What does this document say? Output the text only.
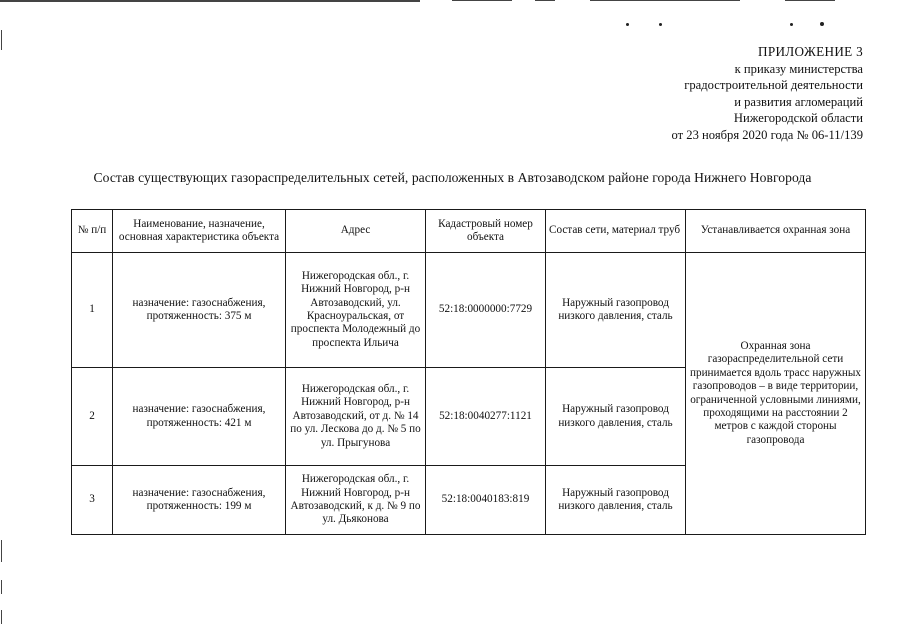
ПРИЛОЖЕНИЕ 3
к приказу министерства
градостроительной деятельности
и развития агломераций
Нижегородской области
от 23 ноября 2020 года № 06-11/139
Состав существующих газораспределительных сетей, расположенных в Автозаводском районе города Нижнего Новгорода
№ п/п	Наименование, назначение, основная характеристика объекта	Адрес	Кадастровый номер объекта	Состав сети, материал труб	Устанавливается охранная зона
1	назначение: газоснабжения, протяженность: 375 м	Нижегородская обл., г. Нижний Новгород, р-н Автозаводский, ул. Красноуральская, от проспекта Молодежный до проспекта Ильича	52:18:0000000:7729	Наружный газопровод низкого давления, сталь	Охранная зона газораспределительной сети принимается вдоль трасс наружных газопроводов – в виде территории, ограниченной условными линиями, проходящими на расстоянии 2 метров с каждой стороны газопровода
2	назначение: газоснабжения, протяженность: 421 м	Нижегородская обл., г. Нижний Новгород, р-н Автозаводский, от д. № 14 по ул. Лескова до д. № 5 по ул. Прыгунова	52:18:0040277:1121	Наружный газопровод низкого давления, сталь	
3	назначение: газоснабжения, протяженность: 199 м	Нижегородская обл., г. Нижний Новгород, р-н Автозаводский, к д. № 9 по ул. Дьяконова	52:18:0040183:819	Наружный газопровод низкого давления, сталь	
